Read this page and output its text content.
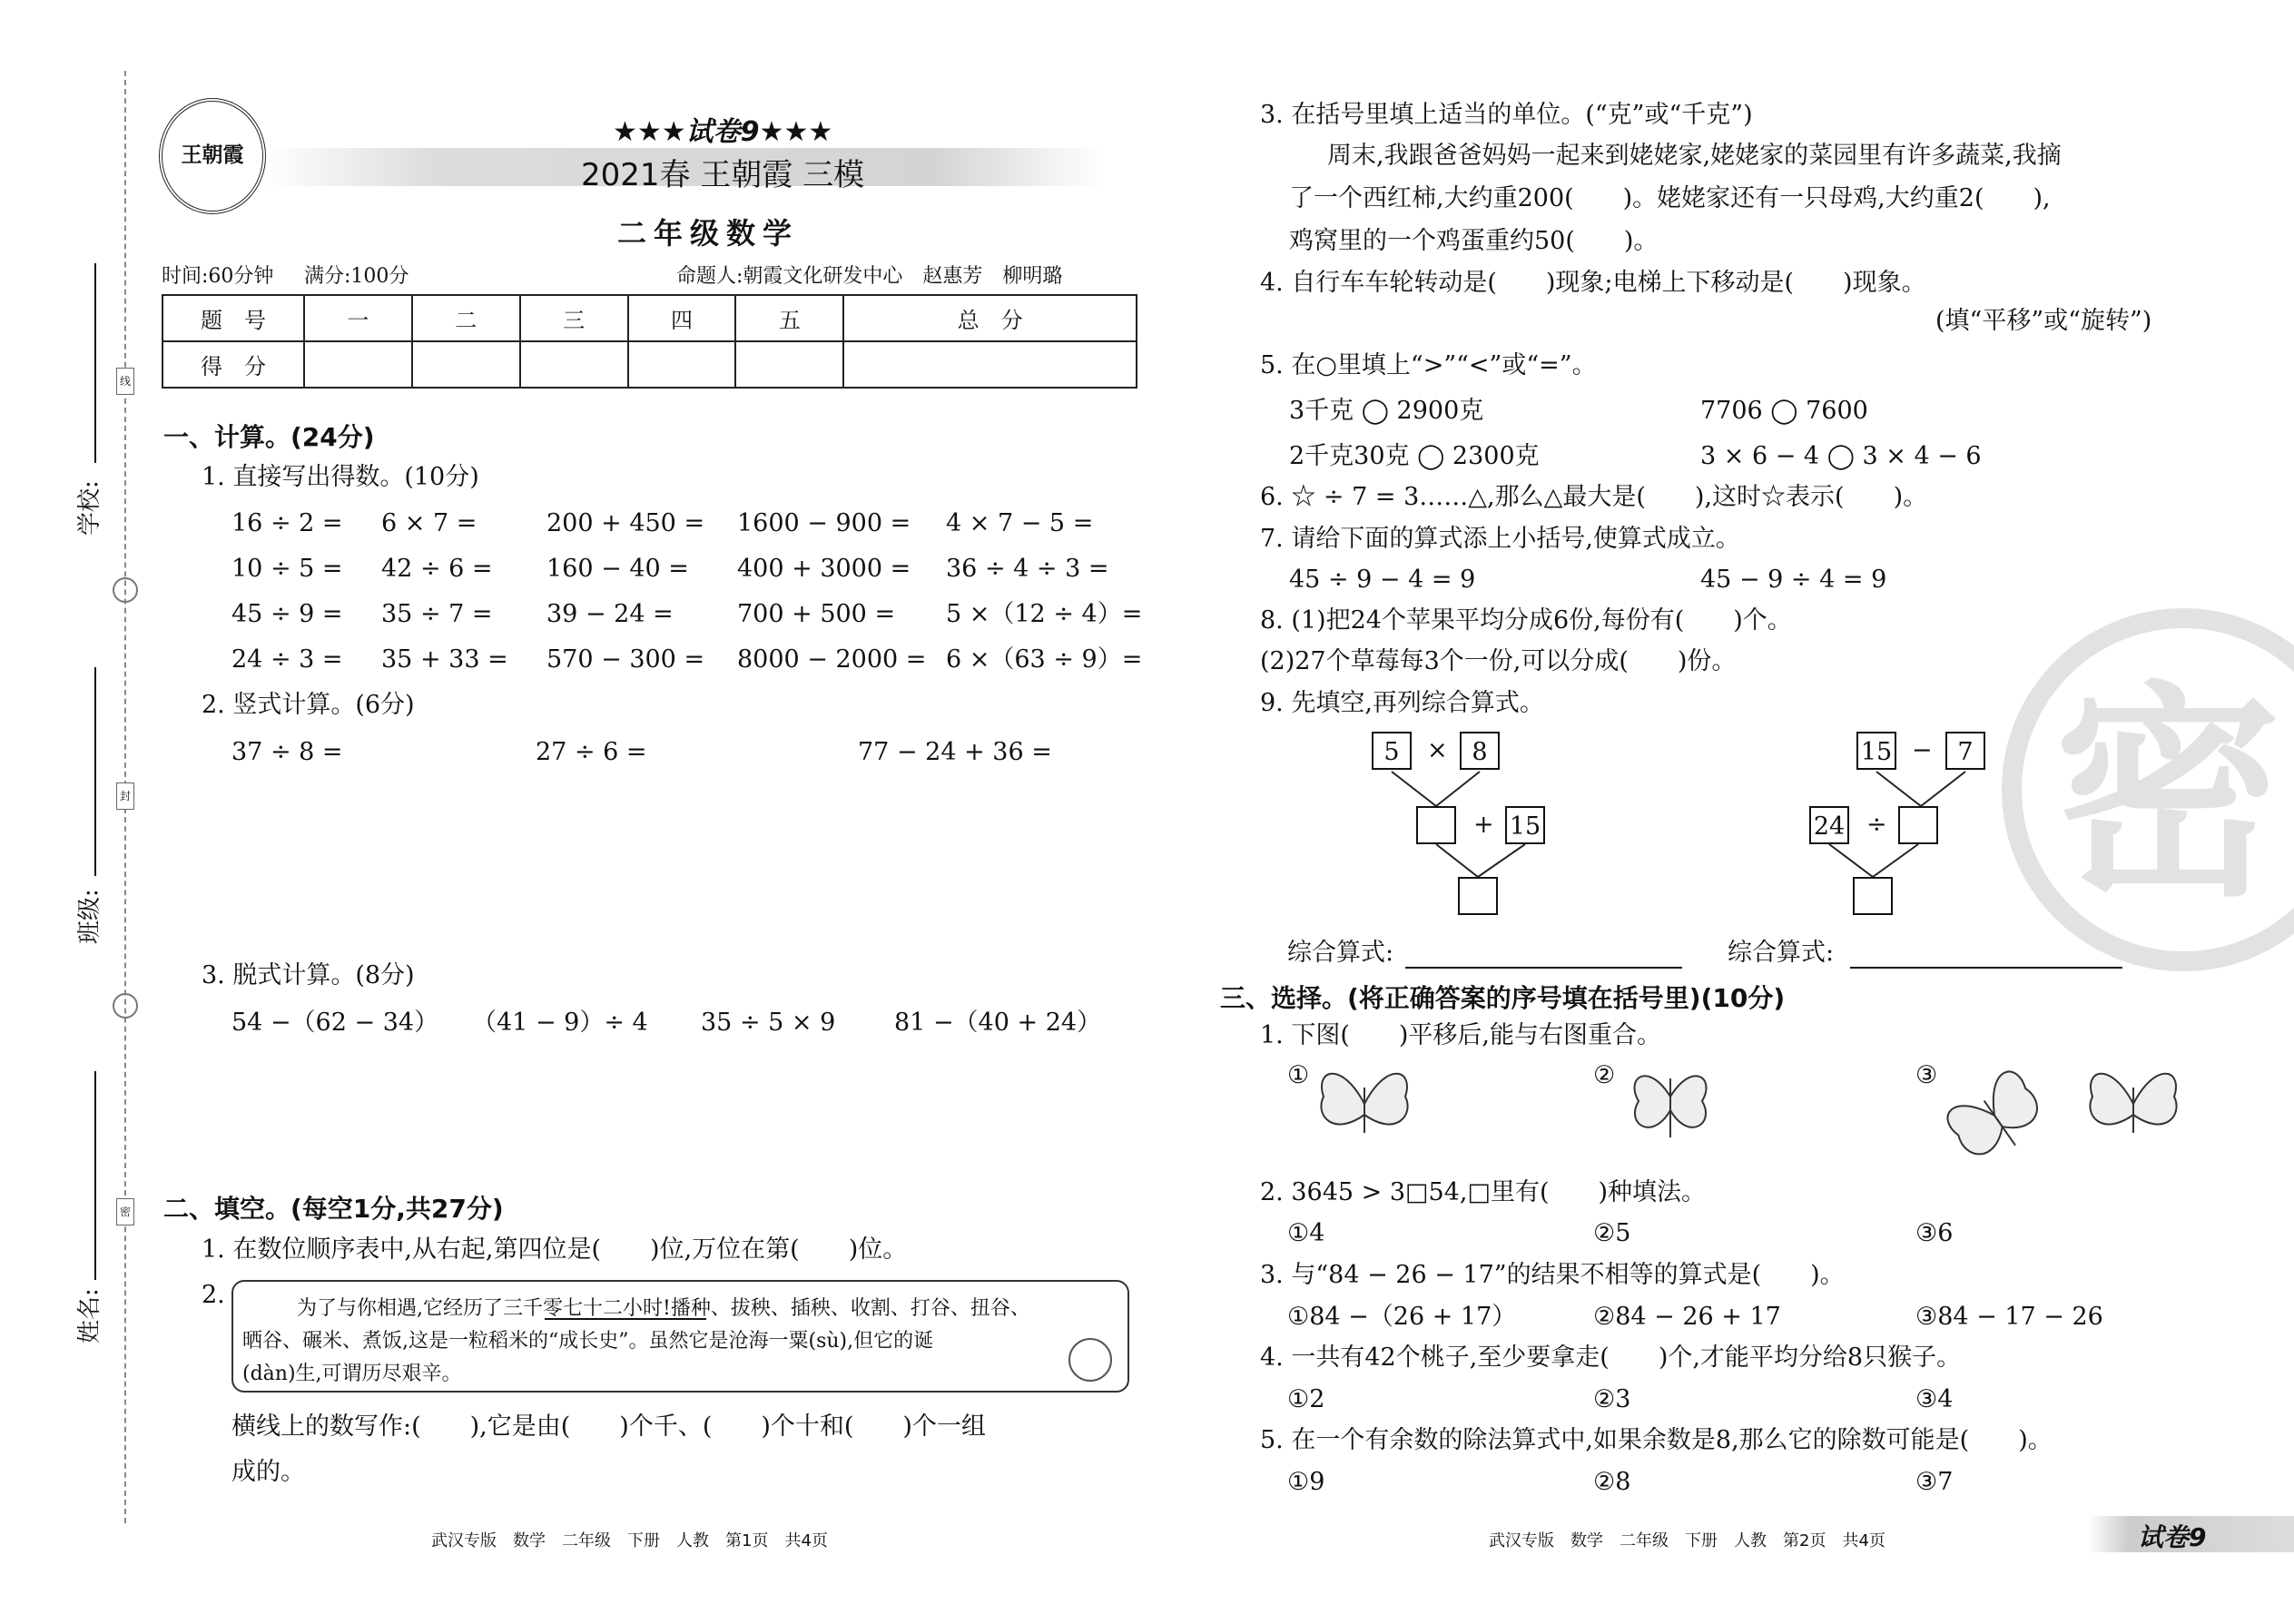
线
封
密
学校:
班级:
姓名:
王朝霞
★★★试卷9★★★
2021春 王朝霞 三模
二年级数学
时间:60分钟 满分:100分	命题人:朝霞文化研发中心　赵惠芳　柳明璐
题　号	一	二	三	四	五	总　分
得　分						
一、计算。(24分)
1. 直接写出得数。(10分)
16 ÷ 2 = 6 × 7 =	200 + 450 = 1600 − 900 = 4 × 7 − 5 =
10 ÷ 5 = 42 ÷ 6 = 160 − 40 = 400 + 3000 = 36 ÷ 4 ÷ 3 =
45 ÷ 9 = 35 ÷ 7 = 39 − 24 =	700 + 500 = 5 ×（12 ÷ 4）=
24 ÷ 3 = 35 + 33 = 570 − 300 = 8000 − 2000 = 6 ×（63 ÷ 9）=
2. 竖式计算。(6分)
37 ÷ 8 =	27 ÷ 6 =	77 − 24 + 36 =
3. 脱式计算。(8分)
54 −（62 − 34） （41 − 9）÷ 4 35 ÷ 5 × 9 81 −（40 + 24）
二、填空。(每空1分,共27分)
1. 在数位顺序表中,从右起,第四位是(　　)位,万位在第(　　)位。
2.	为了与你相遇,它经历了三千零七十二小时!播种、拔秧、插秧、收割、打谷、扭谷、
晒谷、碾米、煮饭,这是一粒稻米的“成长史”。虽然它是沧海一粟(sù),但它的诞
(dàn)生,可谓历尽艰辛。
横线上的数写作:(　　),它是由(　　)个千、(　　)个十和(　　)个一组
成的。
武汉专版　数学　二年级　下册　人教　第1页　共4页
密
3. 在括号里填上适当的单位。(“克”或“千克”)
周末,我跟爸爸妈妈一起来到姥姥家,姥姥家的菜园里有许多蔬菜,我摘
了一个西红柿,大约重200(　　)。姥姥家还有一只母鸡,大约重2(　　),
鸡窝里的一个鸡蛋重约50(　　)。
4. 自行车车轮转动是(　　)现象;电梯上下移动是(　　)现象。
(填“平移”或“旋转”)
5. 在○里填上“>”“<”或“=”。
3千克 ◯ 2900克	7706 ◯ 7600
2千克30克 ◯ 2300克	3 × 6 − 4 ◯ 3 × 4 − 6
6. ☆ ÷ 7 = 3……△,那么△最大是(　　),这时☆表示(　　)。
7. 请给下面的算式添上小括号,使算式成立。
45 ÷ 9 − 4 = 9	45 − 9 ÷ 4 = 9
8. (1)把24个苹果平均分成6份,每份有(　　)个。
(2)27个草莓每3个一份,可以分成(　　)份。
9. 先填空,再列综合算式。
5	× 8
+ 15
15 −	7
24 ÷
综合算式:	综合算式:
三、选择。(将正确答案的序号填在括号里)(10分)
1. 下图(　　)平移后,能与右图重合。
①	②	③
2. 3645 > 3□54,□里有(　　)种填法。
①4	②5	③6
3. 与“84 − 26 − 17”的结果不相等的算式是(　　)。
①84 −（26 + 17）	②84 − 26 + 17	③84 − 17 − 26
4. 一共有42个桃子,至少要拿走(　　)个,才能平均分给8只猴子。
①2	②3	③4
5. 在一个有余数的除法算式中,如果余数是8,那么它的除数可能是(　　)。
①9	②8	③7
武汉专版　数学　二年级　下册　人教　第2页　共4页	试卷9
